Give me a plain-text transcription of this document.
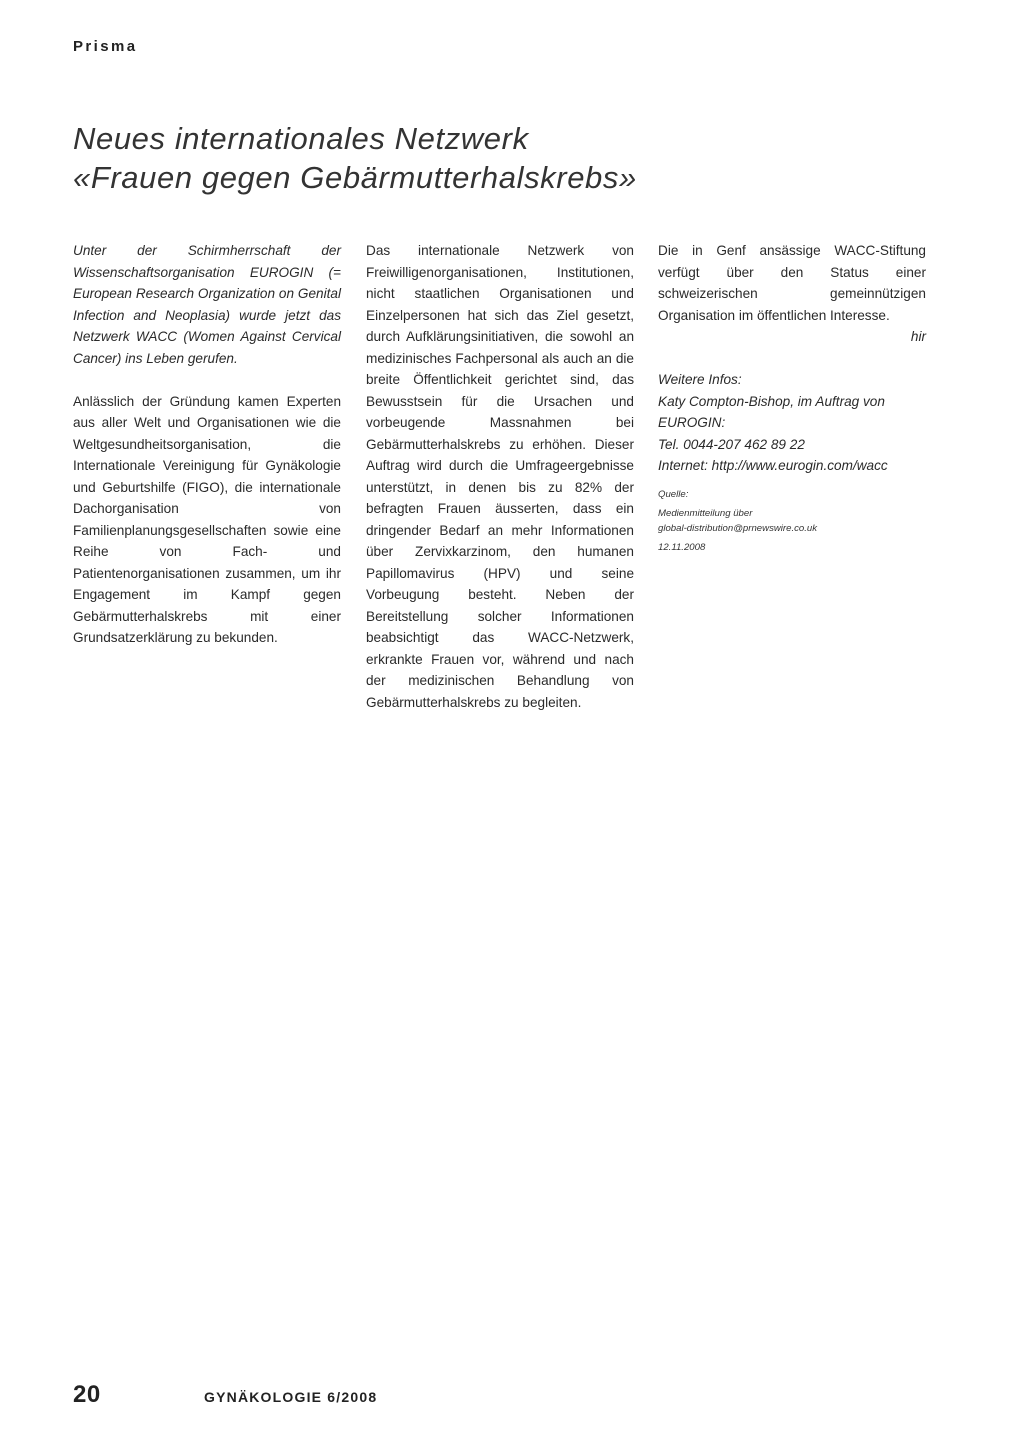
Prisma
Neues internationales Netzwerk
«Frauen gegen Gebärmutterhalskrebs»

Unter der Schirmherrschaft der Wissenschaftsorganisation EUROGIN (= European Research Organization on Genital Infection and Neoplasia) wurde jetzt das Netzwerk WACC (Women Against Cervical Cancer) ins Leben gerufen.

Anlässlich der Gründung kamen Experten aus aller Welt und Organisationen wie die Weltgesundheitsorganisation, die Internationale Vereinigung für Gynäkologie und Geburtshilfe (FIGO), die internationale Dachorganisation von Familienplanungsgesellschaften sowie eine Reihe von Fach- und Patientenorganisationen zusammen, um ihr Engagement im Kampf gegen Gebärmutterhalskrebs mit einer Grundsatzerklärung zu bekunden.

Das internationale Netzwerk von Freiwilligenorganisationen, Institutionen, nicht staatlichen Organisationen und Einzelpersonen hat sich das Ziel gesetzt, durch Aufklärungsinitiativen, die sowohl an medizinisches Fachpersonal als auch an die breite Öffentlichkeit gerichtet sind, das Bewusstsein für die Ursachen und vorbeugende Massnahmen bei Gebärmutterhalskrebs zu erhöhen. Dieser Auftrag wird durch die Umfrageergebnisse unterstützt, in denen bis zu 82% der befragten Frauen äusserten, dass ein dringender Bedarf an mehr Informationen über Zervixkarzinom, den humanen Papillomavirus (HPV) und seine Vorbeugung besteht. Neben der Bereitstellung solcher Informationen beabsichtigt das WACC-Netzwerk, erkrankte Frauen vor, während und nach der medizinischen Behandlung von Gebärmutterhalskrebs zu begleiten.

Die in Genf ansässige WACC-Stiftung verfügt über den Status einer schweizerischen gemeinnützigen Organisation im öffentlichen Interesse.

hir

Weitere Infos:

Katy Compton-Bishop, im Auftrag von EUROGIN:

Tel. 0044-207 462 89 22

Internet: http://www.eurogin.com/wacc

Quelle:
Medienmitteilung über
global-distribution@prnewswire.co.uk
12.11.2008
20	GYNÄKOLOGIE 6/2008
